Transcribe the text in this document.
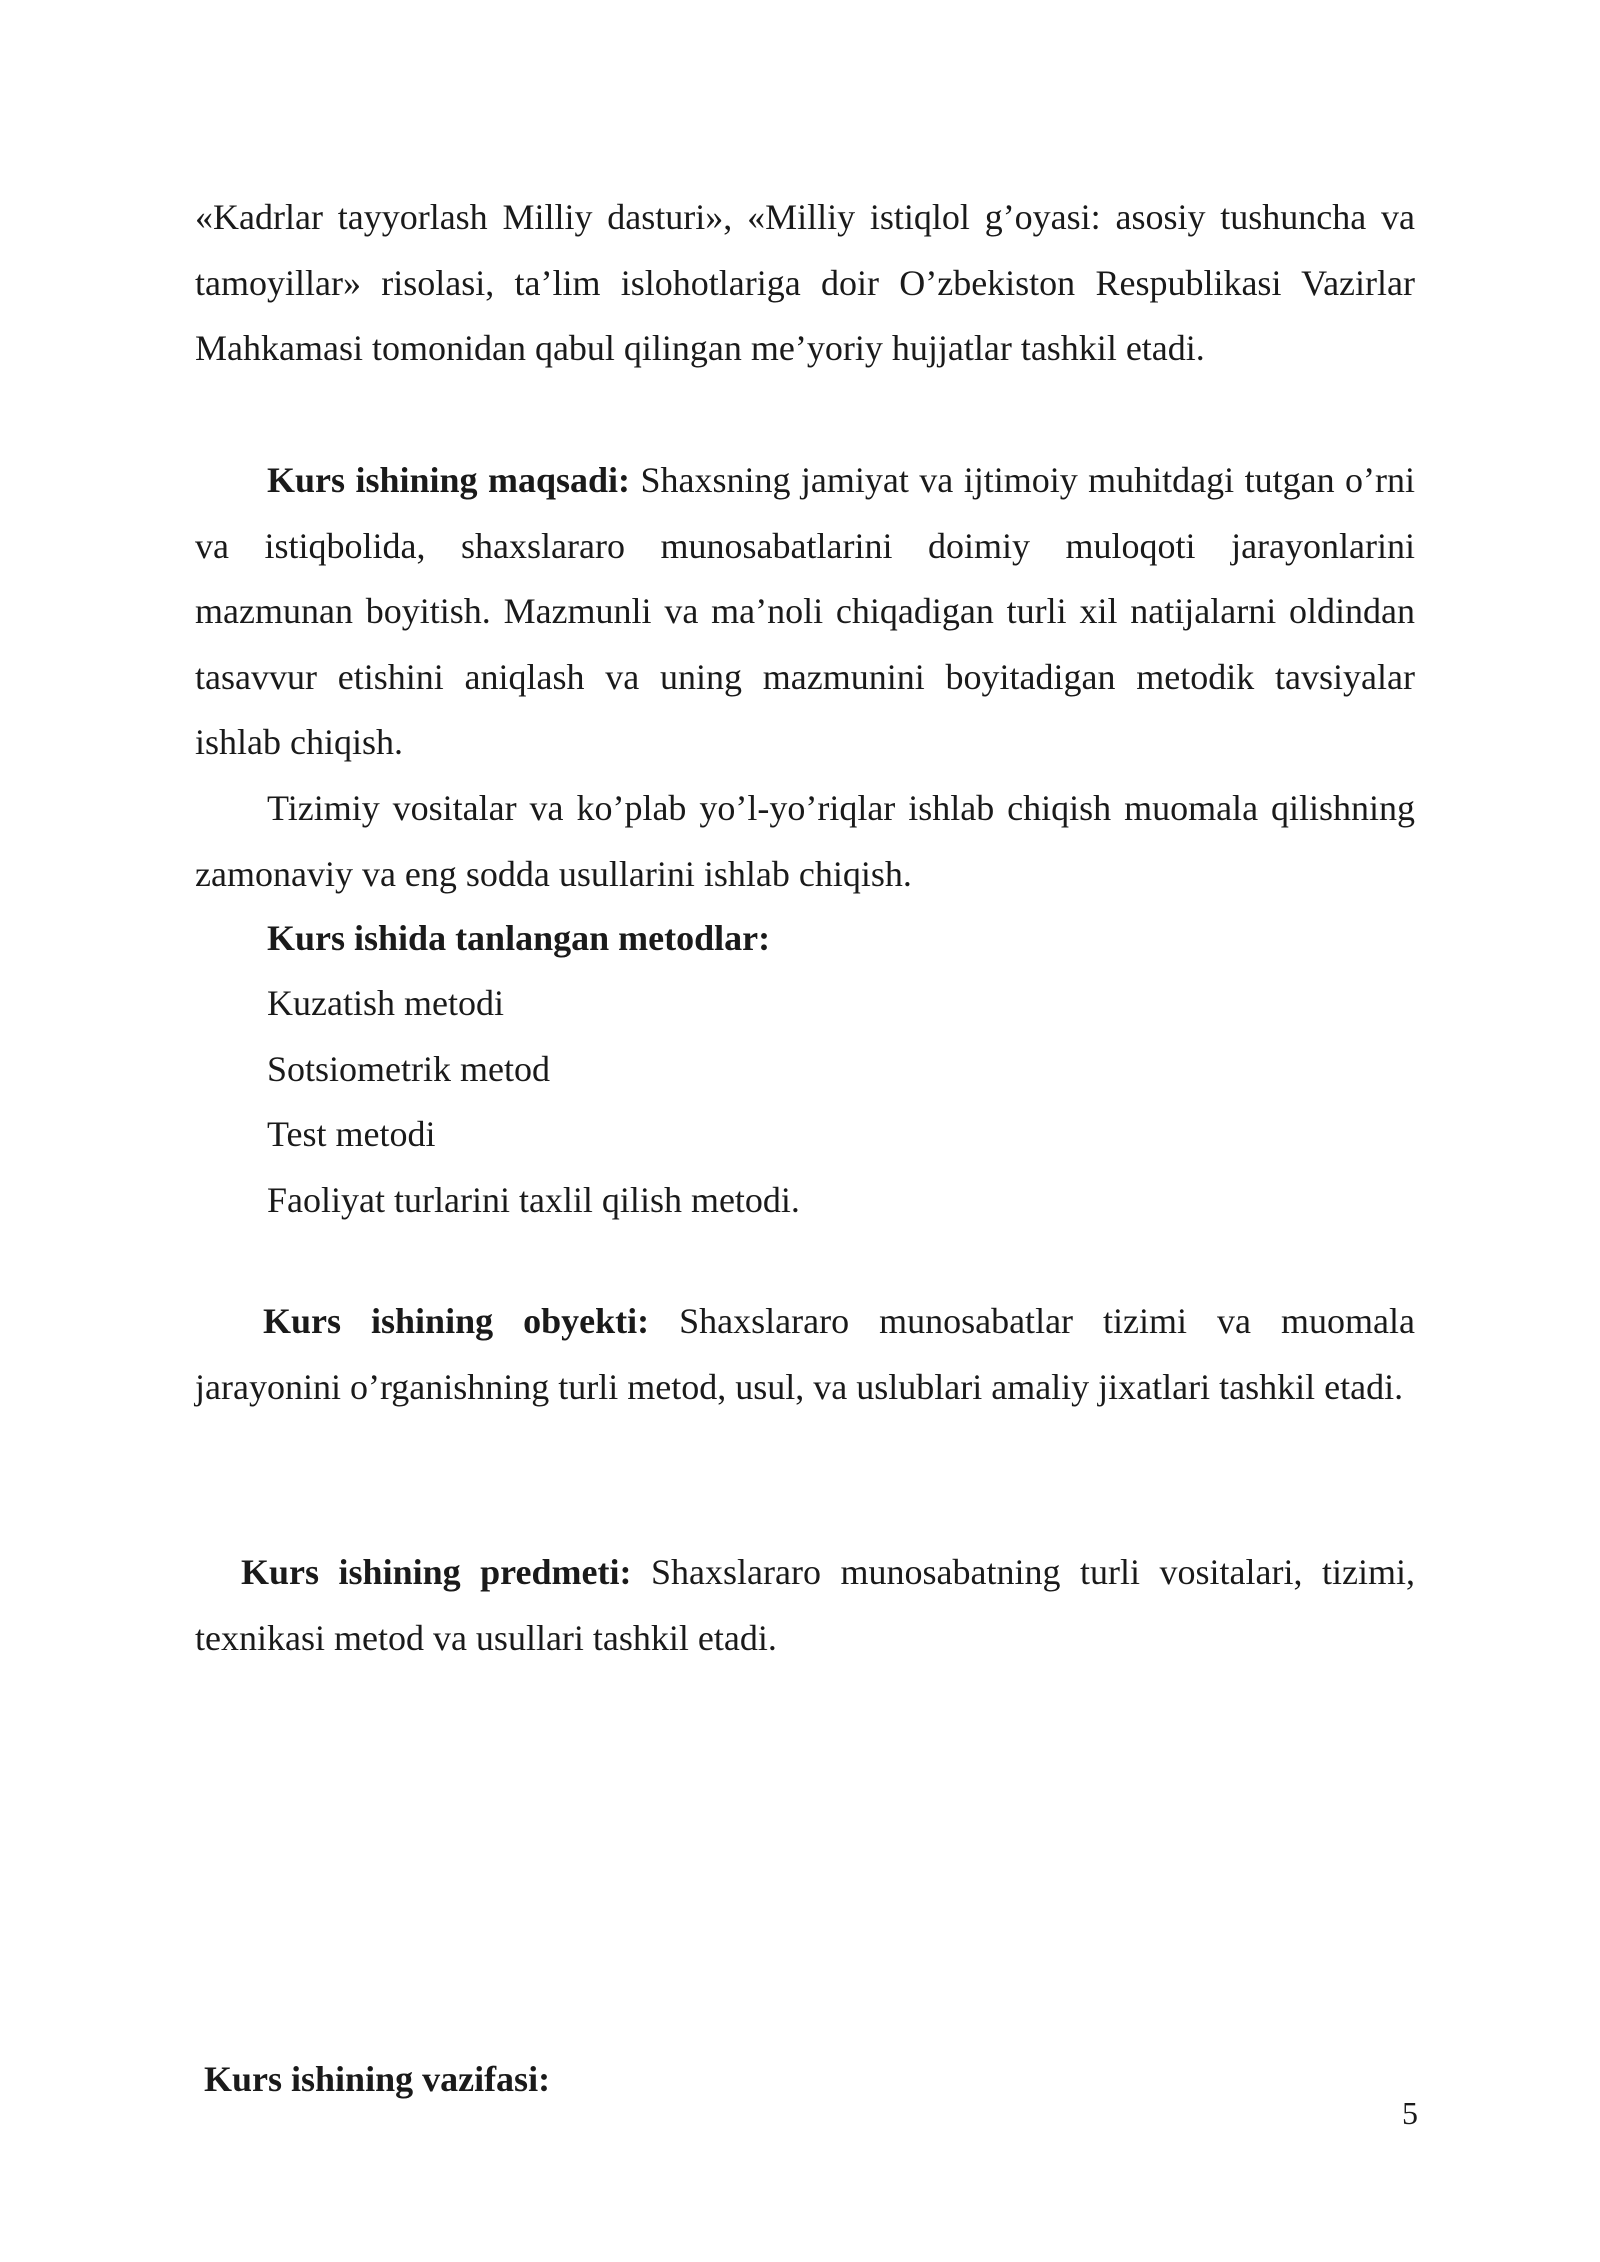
«Kadrlar tayyorlash Milliy dasturi», «Milliy istiqlol g’oyasi: asosiy tushuncha va tamoyillar» risolasi, ta’lim islohotlariga doir O’zbekiston Respublikasi Vazirlar Mahkamasi tomonidan qabul qilingan me’yoriy hujjatlar tashkil etadi.

Kurs ishining maqsadi: Shaxsning jamiyat va ijtimoiy muhitdagi tutgan o’rni va istiqbolida, shaxslararo munosabatlarini doimiy muloqoti jarayonlarini mazmunan boyitish. Mazmunli va ma’noli chiqadigan turli xil natijalarni oldindan tasavvur etishini aniqlash va uning mazmunini boyitadigan metodik tavsiyalar ishlab chiqish.

Tizimiy vositalar va ko’plab yo’l-yo’riqlar ishlab chiqish muomala qilishning zamonaviy va eng sodda usullarini ishlab chiqish.

Kurs ishida tanlangan metodlar:

Kuzatish metodi

Sotsiometrik metod

Test metodi

Faoliyat turlarini taxlil qilish metodi.

Kurs ishining obyekti: Shaxslararo munosabatlar tizimi va muomala jarayonini o’rganishning turli metod, usul, va uslublari amaliy jixatlari tashkil etadi.

Kurs ishining predmeti: Shaxslararo munosabatning turli vositalari, tizimi, texnikasi metod va usullari tashkil etadi.

Kurs ishining vazifasi:

5
